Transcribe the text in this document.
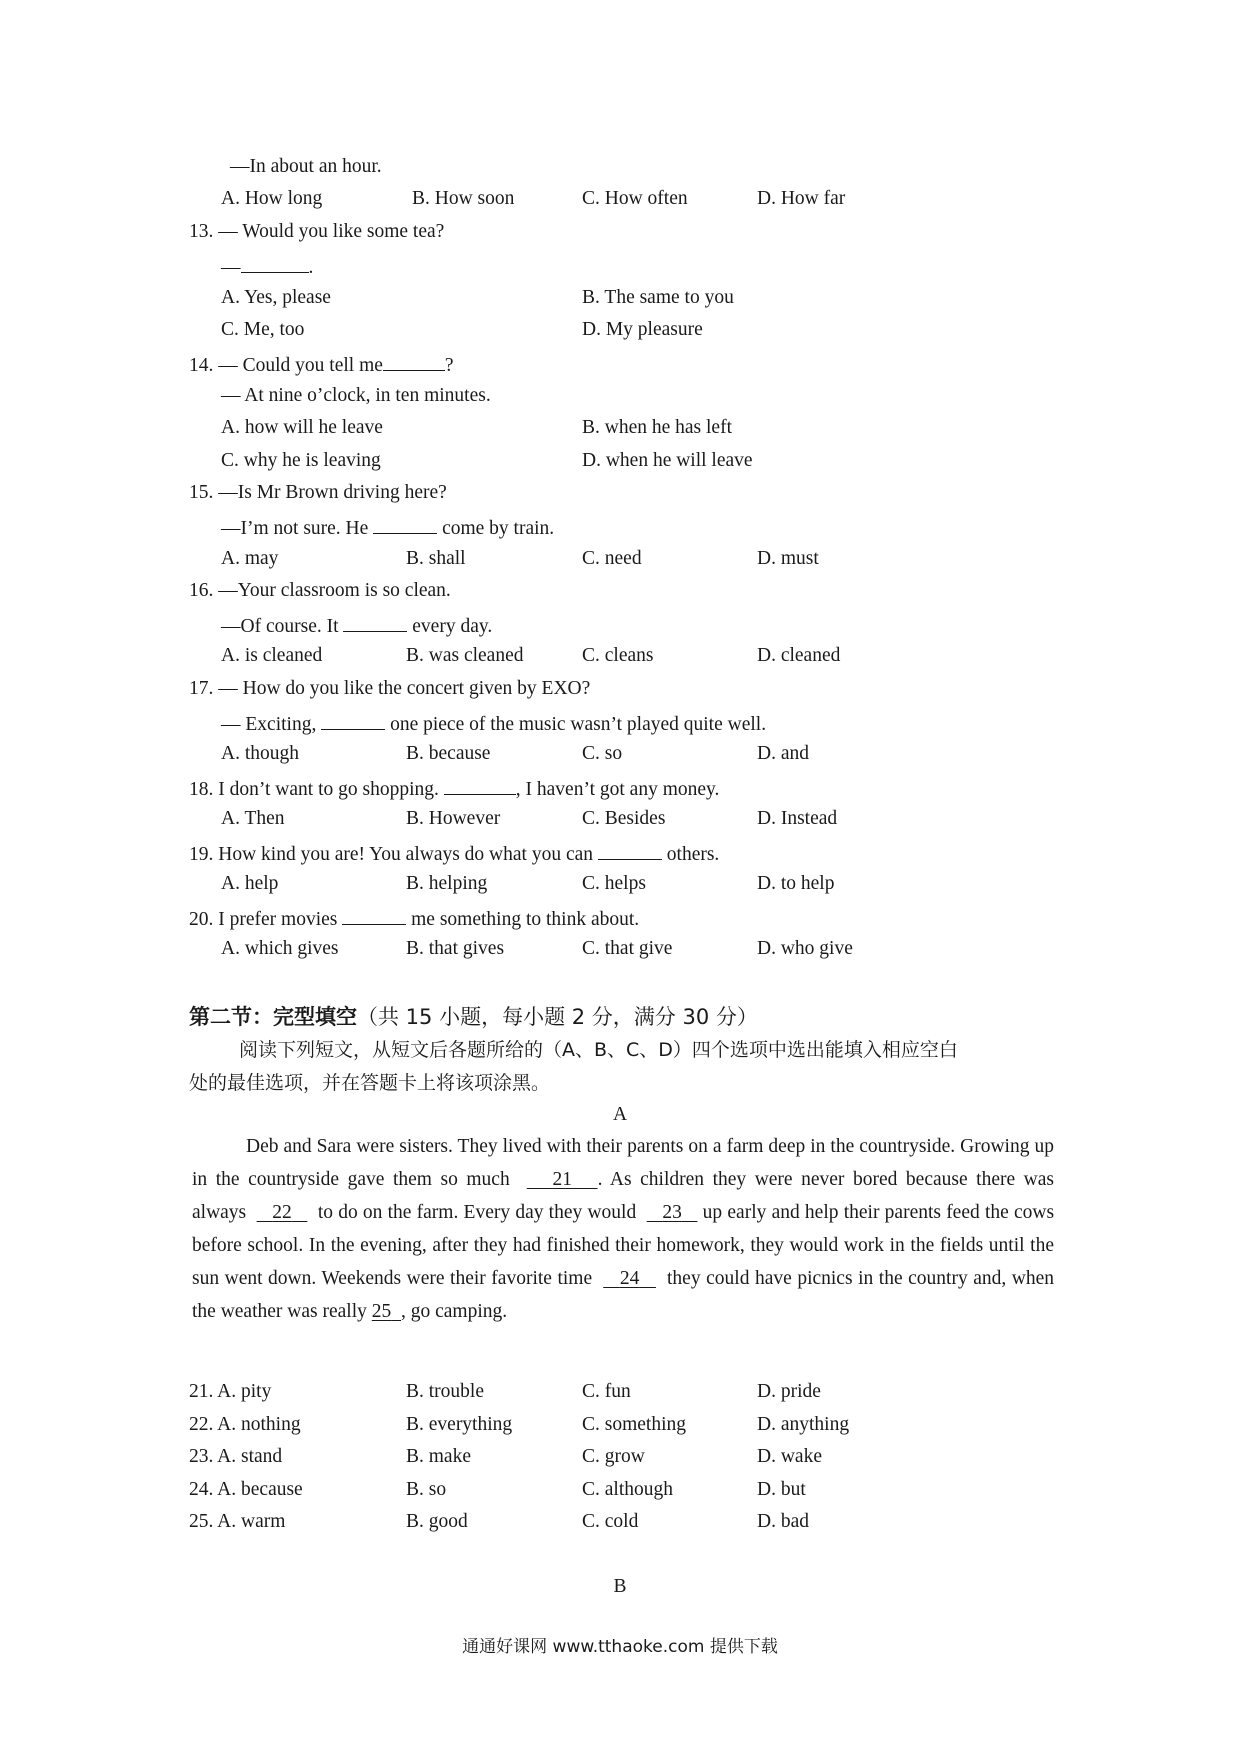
—In about an hour.
A. How long	B. How soon	C. How often	D. How far
13. — Would you like some tea?
—	.
A. Yes, please	B. The same to you
C. Me, too	D. My pleasure
14. — Could you tell me	?
— At nine o’clock, in ten minutes.
A. how will he leave	B. when he has left
C. why he is leaving	D. when he will leave
15. —Is Mr Brown driving here?
—I’m not sure. He	come by train.
A. may	B. shall	C. need	D. must
16. —Your classroom is so clean.
—Of course. It	every day.
A. is cleaned	B. was cleaned	C. cleans	D. cleaned
17. — How do you like the concert given by EXO?
— Exciting,	one piece of the music wasn’t played quite well.
A. though	B. because	C. so	D. and
18. I don’t want to go shopping.	, I haven’t got any money.
A. Then	B. However	C. Besides	D. Instead
19. How kind you are! You always do what you can	others.
A. help	B. helping	C. helps	D. to help
20. I prefer movies	me something to think about.
A. which gives	B. that gives	C. that give	D. who give
第二节：完型填空（共 15 小题，每小题 2 分，满分 30 分）
阅读下列短文，从短文后各题所给的（A、B、C、D）四个选项中选出能填入相应空白
处的最佳选项，并在答题卡上将该项涂黑。
A
Deb and Sara were sisters. They lived with their parents on a farm deep in the countryside. Growing up in the countryside gave them so much 21 . As children they were never bored because there was always 22 to do on the farm. Every day they would 23 up early and help their parents feed the cows before school. In the evening, after they had finished their homework, they would work in the fields until the sun went down. Weekends were their favorite time 24 they could have picnics in the country and, when the weather was really 25 , go camping.
21. A. pity	B. trouble	C. fun	D. pride
22. A. nothing	B. everything	C. something	D. anything
23. A. stand	B. make	C. grow	D. wake
24. A. because	B. so	C. although	D. but
25. A. warm	B. good	C. cold	D. bad
B
通通好课网 www.tthaoke.com 提供下载
